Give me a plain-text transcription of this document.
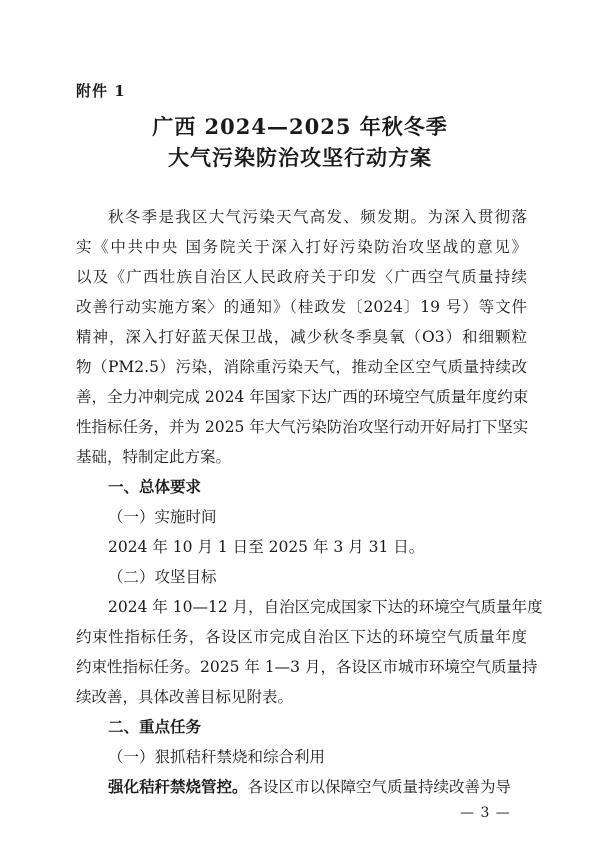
附件 1
广西 2024—2025 年秋冬季
大气污染防治攻坚行动方案
秋冬季是我区大气污染天气高发、频发期。为深入贯彻落
实《中共中央 国务院关于深入打好污染防治攻坚战的意见》
以及《广西壮族自治区人民政府关于印发〈广西空气质量持续
改善行动实施方案〉的通知》（桂政发〔2024〕19 号）等文件
精神，深入打好蓝天保卫战，减少秋冬季臭氧（O3）和细颗粒
物（PM2.5）污染，消除重污染天气，推动全区空气质量持续改
善，全力冲刺完成 2024 年国家下达广西的环境空气质量年度约束
性指标任务，并为 2025 年大气污染防治攻坚行动开好局打下坚实
基础，特制定此方案。
一、总体要求
（一）实施时间
2024 年 10 月 1 日至 2025 年 3 月 31 日。
（二）攻坚目标
2024 年 10—12 月，自治区完成国家下达的环境空气质量年度
约束性指标任务，各设区市完成自治区下达的环境空气质量年度
约束性指标任务。2025 年 1—3 月，各设区市城市环境空气质量持
续改善，具体改善目标见附表。
二、重点任务
（一）狠抓秸秆禁烧和综合利用
强化秸秆禁烧管控。各设区市以保障空气质量持续改善为导
— 3 —
